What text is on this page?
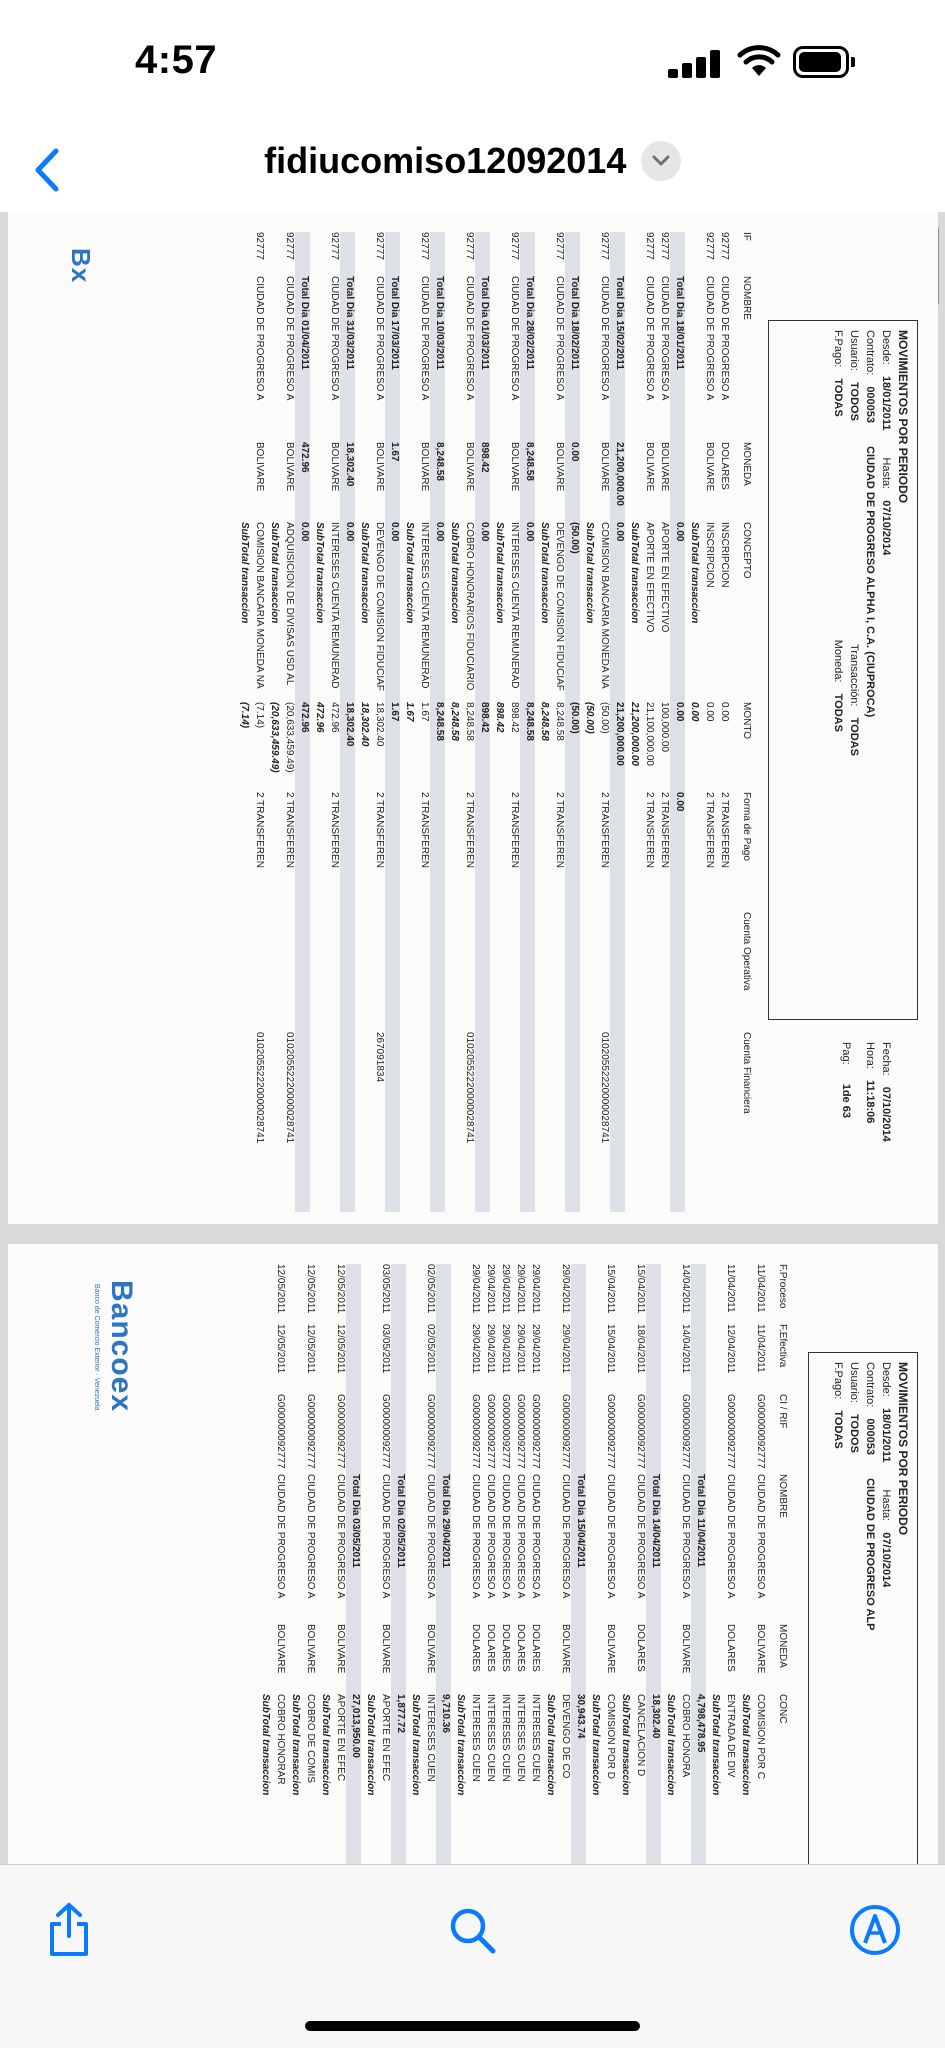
4:57
fidiucomiso12092014
Bx
MOVIMIENTOS POR PERIODO
Desde: 18/01/2011 Hasta: 07/10/2014
Contrato: 000053 CIUDAD DE PROGRESO ALPHA I, C.A. (CIUPROCA)
Usuario: TODOS Transacción: TODAS
F.Pago: TODAS Moneda: TODAS
Fecha: 07/10/2014
Hora: 11:18:06
Pag: 1de 63
IF
NOMBRE
MONEDA
CONCEPTO
MONTO
Forma de Pago
Cuenta Operativa
Cuenta Financiera
92777
CIUDAD DE PROGRESO A
DOLARES
INSCRIPCION
0.00
2 TRANSFEREN
92777
CIUDAD DE PROGRESO A
BOLIVARE
INSCRIPCION
0.00
2 TRANSFEREN
SubTotal transaccion
0.00
Total Dia 18/01/2011
0.00
0.00
0.00
92777
CIUDAD DE PROGRESO A
BOLIVARE
APORTE EN EFECTIVO
100,000.00
2 TRANSFEREN
92777
CIUDAD DE PROGRESO A
BOLIVARE
APORTE EN EFECTIVO
21,100,000.00
2 TRANSFEREN
SubTotal transaccion
21,200,000.00
Total Dia 15/02/2011
21,200,000.00
0.00
21,200,000.00
92777
CIUDAD DE PROGRESO A
BOLIVARE
COMISION BANCARIA MONEDA NA
(50.00)
2 TRANSFEREN
01020552220000028741
SubTotal transaccion
(50.00)
Total Dia 18/02/2011
0.00
(50.00)
(50.00)
92777
CIUDAD DE PROGRESO A
BOLIVARE
DEVENGO DE COMISION FIDUCIAF
8,248.58
2 TRANSFEREN
SubTotal transaccion
8,248.58
Total Dia 28/02/2011
8,248.58
0.00
8,248.58
92777
CIUDAD DE PROGRESO A
BOLIVARE
INTERESES CUENTA REMUNERAD
898.42
2 TRANSFEREN
SubTotal transaccion
898.42
Total Dia 01/03/2011
898.42
0.00
898.42
92777
CIUDAD DE PROGRESO A
BOLIVARE
COBRO HONORARIOS FIDUCIARIO
8,248.58
2 TRANSFEREN
01020552220000028741
SubTotal transaccion
8,248.58
Total Dia 10/03/2011
8,248.58
0.00
8,248.58
92777
CIUDAD DE PROGRESO A
BOLIVARE
INTERESES CUENTA REMUNERAD
1.67
2 TRANSFEREN
SubTotal transaccion
1.67
Total Dia 17/03/2011
1.67
0.00
1.67
92777
CIUDAD DE PROGRESO A
BOLIVARE
DEVENGO DE COMISION FIDUCIAF
18,302.40
2 TRANSFEREN
267091834
SubTotal transaccion
18,302.40
Total Dia 31/03/2011
18,302.40
0.00
18,302.40
92777
CIUDAD DE PROGRESO A
BOLIVARE
INTERESES CUENTA REMUNERAD
472.96
2 TRANSFEREN
SubTotal transaccion
472.96
Total Dia 01/04/2011
472.96
0.00
472.96
92777
CIUDAD DE PROGRESO A
BOLIVARE
ADQUISICION DE DIVISAS USD AL
(20,633,459.49)
2 TRANSFEREN
01020552220000028741
SubTotal transaccion
(20,633,459.49)
92777
CIUDAD DE PROGRESO A
BOLIVARE
COMISION BANCARIA MONEDA NA
(7.14)
2 TRANSFEREN
01020552220000028741
SubTotal transaccion
(7.14)
Bancoex
Banco de Comercio Exterior · Venezuela
MOVIMIENTOS POR PERIODO
Desde: 18/01/2011 Hasta: 07/10/2014
Contrato: 000053 CIUDAD DE PROGRESO ALP
Usuario: TODOS
F.Pago: TODAS
F.Proceso
F.Efectiva
CI / RIF
NOMBRE
MONEDA
CONC
11/04/2011
11/04/2011
G000000092777
CIUDAD DE PROGRESO A
BOLIVARE
COMISION POR C
SubTotal transaccion
11/04/2011
12/04/2011
G000000092777
CIUDAD DE PROGRESO A
DOLARES
ENTRADA DE DIV
SubTotal transaccion
Total Dia 11/04/2011
4,798,478.95
14/04/2011
14/04/2011
G000000092777
CIUDAD DE PROGRESO A
BOLIVARE
COBRO HONORA
SubTotal transaccion
Total Dia 14/04/2011
18,302.40
15/04/2011
18/04/2011
G000000092777
CIUDAD DE PROGRESO A
DOLARES
CANCELACION D
SubTotal transaccion
15/04/2011
15/04/2011
G000000092777
CIUDAD DE PROGRESO A
BOLIVARE
COMISION POR D
SubTotal transaccion
Total Dia 15/04/2011
30,943.74
29/04/2011
29/04/2011
G000000092777
CIUDAD DE PROGRESO A
BOLIVARE
DEVENGO DE CO
SubTotal transaccion
29/04/2011
29/04/2011
G000000092777
CIUDAD DE PROGRESO A
DOLARES
INTERESES CUEN
29/04/2011
29/04/2011
G000000092777
CIUDAD DE PROGRESO A
DOLARES
INTERESES CUEN
29/04/2011
29/04/2011
G000000092777
CIUDAD DE PROGRESO A
DOLARES
INTERESES CUEN
29/04/2011
29/04/2011
G000000092777
CIUDAD DE PROGRESO A
DOLARES
INTERESES CUEN
29/04/2011
29/04/2011
G000000092777
CIUDAD DE PROGRESO A
DOLARES
INTERESES CUEN
SubTotal transaccion
Total Dia 29/04/2011
9,710.36
02/05/2011
02/05/2011
G000000092777
CIUDAD DE PROGRESO A
BOLIVARE
INTERESES CUEN
SubTotal transaccion
Total Dia 02/05/2011
1,877.72
03/05/2011
03/05/2011
G000000092777
CIUDAD DE PROGRESO A
BOLIVARE
APORTE EN EFEC
SubTotal transaccion
Total Dia 03/05/2011
27,013,950.00
12/05/2011
12/05/2011
G000000092777
CIUDAD DE PROGRESO A
BOLIVARE
APORTE EN EFEC
SubTotal transaccion
12/05/2011
12/05/2011
G000000092777
CIUDAD DE PROGRESO A
BOLIVARE
COBRO DE COMIS
SubTotal transaccion
12/05/2011
12/05/2011
G000000092777
CIUDAD DE PROGRESO A
BOLIVARE
COBRO HONORAR
SubTotal transaccion
